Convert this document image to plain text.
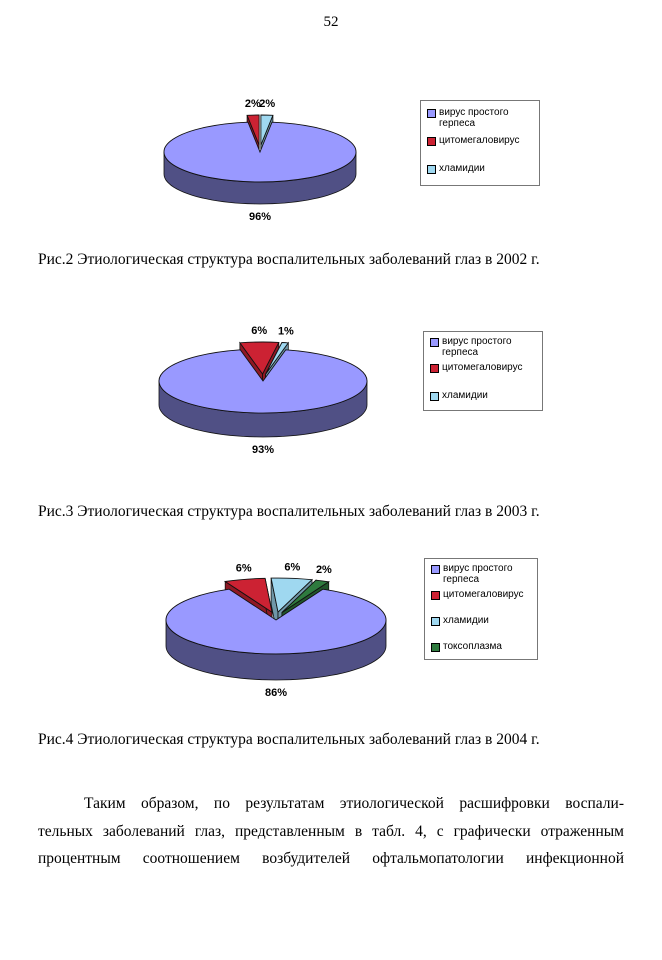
52
96%
2%
2%
вирус простого герпеса
цитомегаловирус
хламидии
Рис.2 Этиологическая структура воспалительных заболеваний глаз в 2002 г.
93%
6% 1%
вирус простого герпеса
цитомегаловирус
хламидии
Рис.3 Этиологическая структура воспалительных заболеваний глаз в 2003 г.
86%
6%	6% 2%	вирус простого герпеса
цитомегаловирус
хламидии
токсоплазма
Рис.4 Этиологическая структура воспалительных заболеваний глаз в 2004 г.
Таким образом, по результатам этиологической расшифровки воспали-
тельных заболеваний глаз, представленным в табл. 4, с графически отраженным
процентным соотношением возбудителей офтальмопатологии инфекционной
